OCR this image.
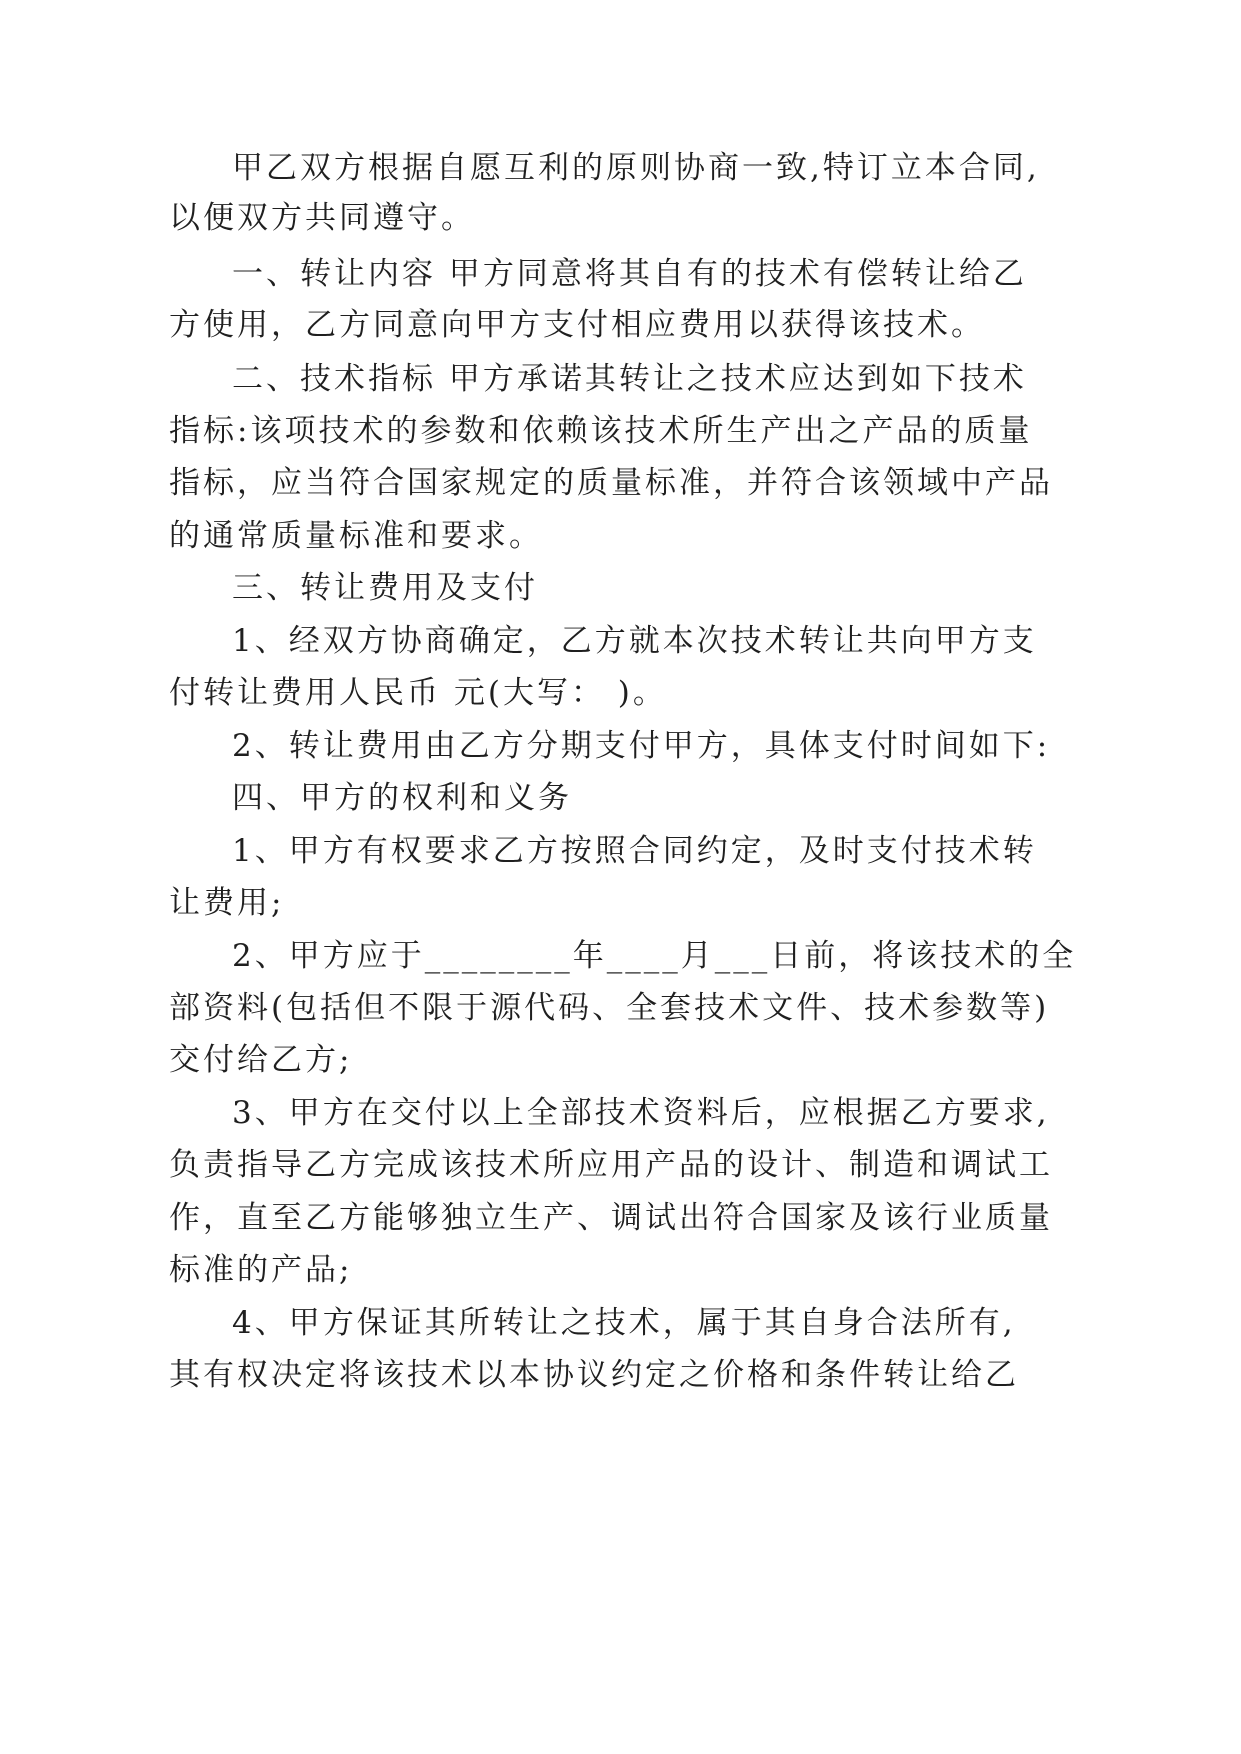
甲乙双方根据自愿互利的原则协商一致,特订立本合同,

以便双方共同遵守。

一、转让内容 甲方同意将其自有的技术有偿转让给乙

方使用，乙方同意向甲方支付相应费用以获得该技术。

二、技术指标 甲方承诺其转让之技术应达到如下技术

指标:该项技术的参数和依赖该技术所生产出之产品的质量

指标，应当符合国家规定的质量标准，并符合该领域中产品

的通常质量标准和要求。

三、转让费用及支付

1、经双方协商确定，乙方就本次技术转让共向甲方支

付转让费用人民币 元(大写： )。

2、转让费用由乙方分期支付甲方，具体支付时间如下:

四、甲方的权利和义务

1、甲方有权要求乙方按照合同约定，及时支付技术转

让费用;

2、甲方应于________年____月___日前，将该技术的全

部资料(包括但不限于源代码、全套技术文件、技术参数等)

交付给乙方;

3、甲方在交付以上全部技术资料后，应根据乙方要求,

负责指导乙方完成该技术所应用产品的设计、制造和调试工

作，直至乙方能够独立生产、调试出符合国家及该行业质量

标准的产品;

4、甲方保证其所转让之技术，属于其自身合法所有,

其有权决定将该技术以本协议约定之价格和条件转让给乙
